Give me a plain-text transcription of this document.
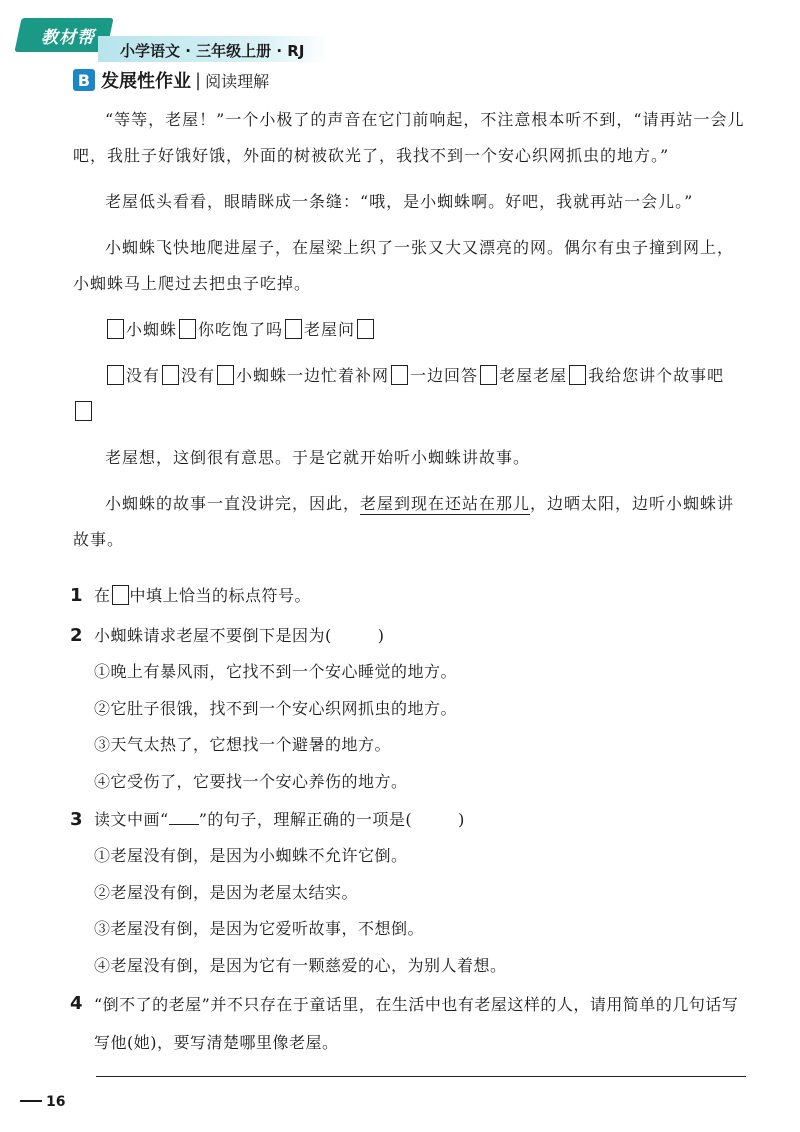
教材帮
小学语文 · 三年级上册 · RJ
B 发展性作业 | 阅读理解

“等等，老屋！”一个小极了的声音在它门前响起，不注意根本听不到，“请再站一会儿吧，我肚子好饿好饿，外面的树被砍光了，我找不到一个安心织网抓虫的地方。”

老屋低头看看，眼睛眯成一条缝：“哦，是小蜘蛛啊。好吧，我就再站一会儿。”

小蜘蛛飞快地爬进屋子，在屋梁上织了一张又大又漂亮的网。偶尔有虫子撞到网上，小蜘蛛马上爬过去把虫子吃掉。

小蜘蛛 你吃饱了吗 老屋问

没有 没有 小蜘蛛一边忙着补网 一边回答 老屋老屋 我给您讲个故事吧

老屋想，这倒很有意思。于是它就开始听小蜘蛛讲故事。

小蜘蛛的故事一直没讲完，因此，老屋到现在还站在那儿，边晒太阳，边听小蜘蛛讲故事。

1 在 中填上恰当的标点符号。
2 小蜘蛛请求老屋不要倒下是因为(	)
①晚上有暴风雨，它找不到一个安心睡觉的地方。
②它肚子很饿，找不到一个安心织网抓虫的地方。
③天气太热了，它想找一个避暑的地方。
④它受伤了，它要找一个安心养伤的地方。
3 读文中画“ ”的句子，理解正确的一项是(	)
①老屋没有倒，是因为小蜘蛛不允许它倒。
②老屋没有倒，是因为老屋太结实。
③老屋没有倒，是因为它爱听故事，不想倒。
④老屋没有倒，是因为它有一颗慈爱的心，为别人着想。
4 “倒不了的老屋”并不只存在于童话里，在生活中也有老屋这样的人，请用简单的几句话写写他(她)，要写清楚哪里像老屋。
16
